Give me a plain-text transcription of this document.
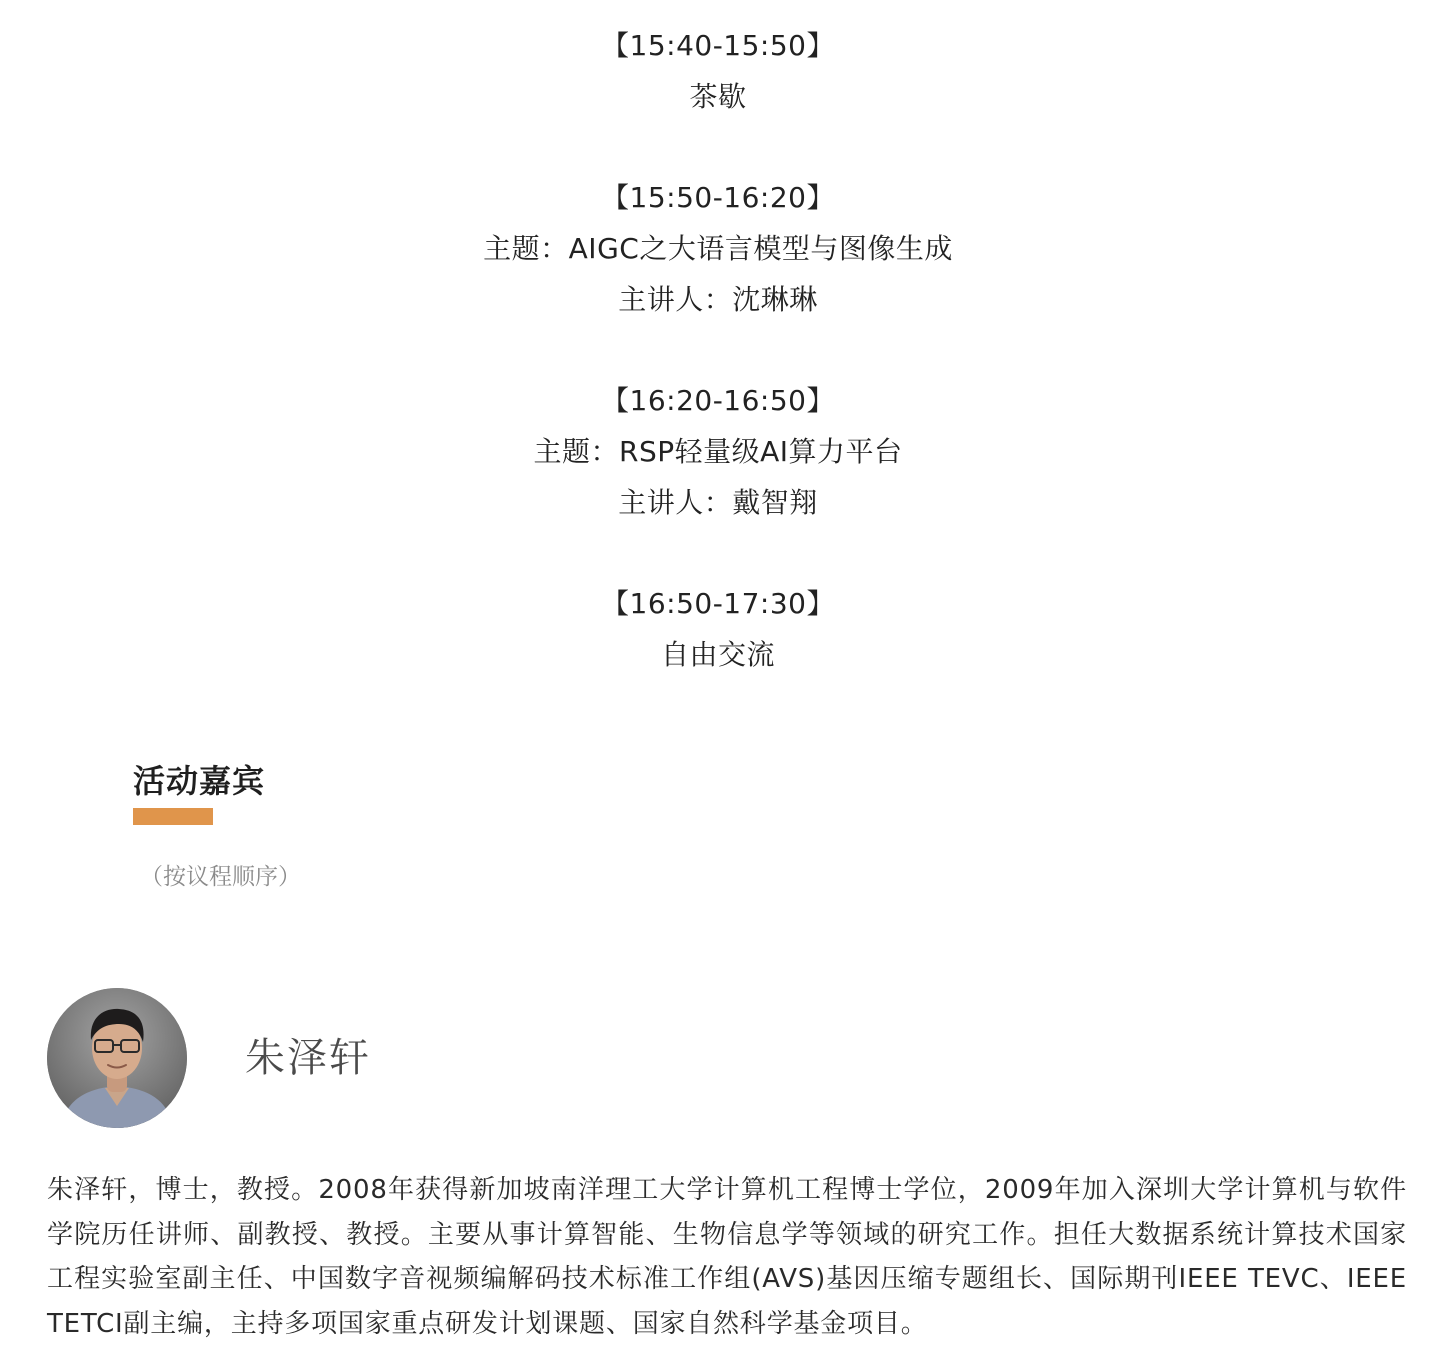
【15:40-15:50】
茶歇
【15:50-16:20】
主题：AIGC之大语言模型与图像生成
主讲人：沈琳琳
【16:20-16:50】
主题：RSP轻量级AI算力平台
主讲人：戴智翔
【16:50-17:30】
自由交流
活动嘉宾
（按议程顺序）
朱泽轩

朱泽轩，博士，教授。2008年获得新加坡南洋理工大学计算机工程博士学位，2009年加入深圳大学计算机与软件学院历任讲师、副教授、教授。主要从事计算智能、生物信息学等领域的研究工作。担任大数据系统计算技术国家工程实验室副主任、中国数字音视频编解码技术标准工作组(AVS)基因压缩专题组长、国际期刊IEEE TEVC、IEEE TETCI副主编，主持多项国家重点研发计划课题、国家自然科学基金项目。
